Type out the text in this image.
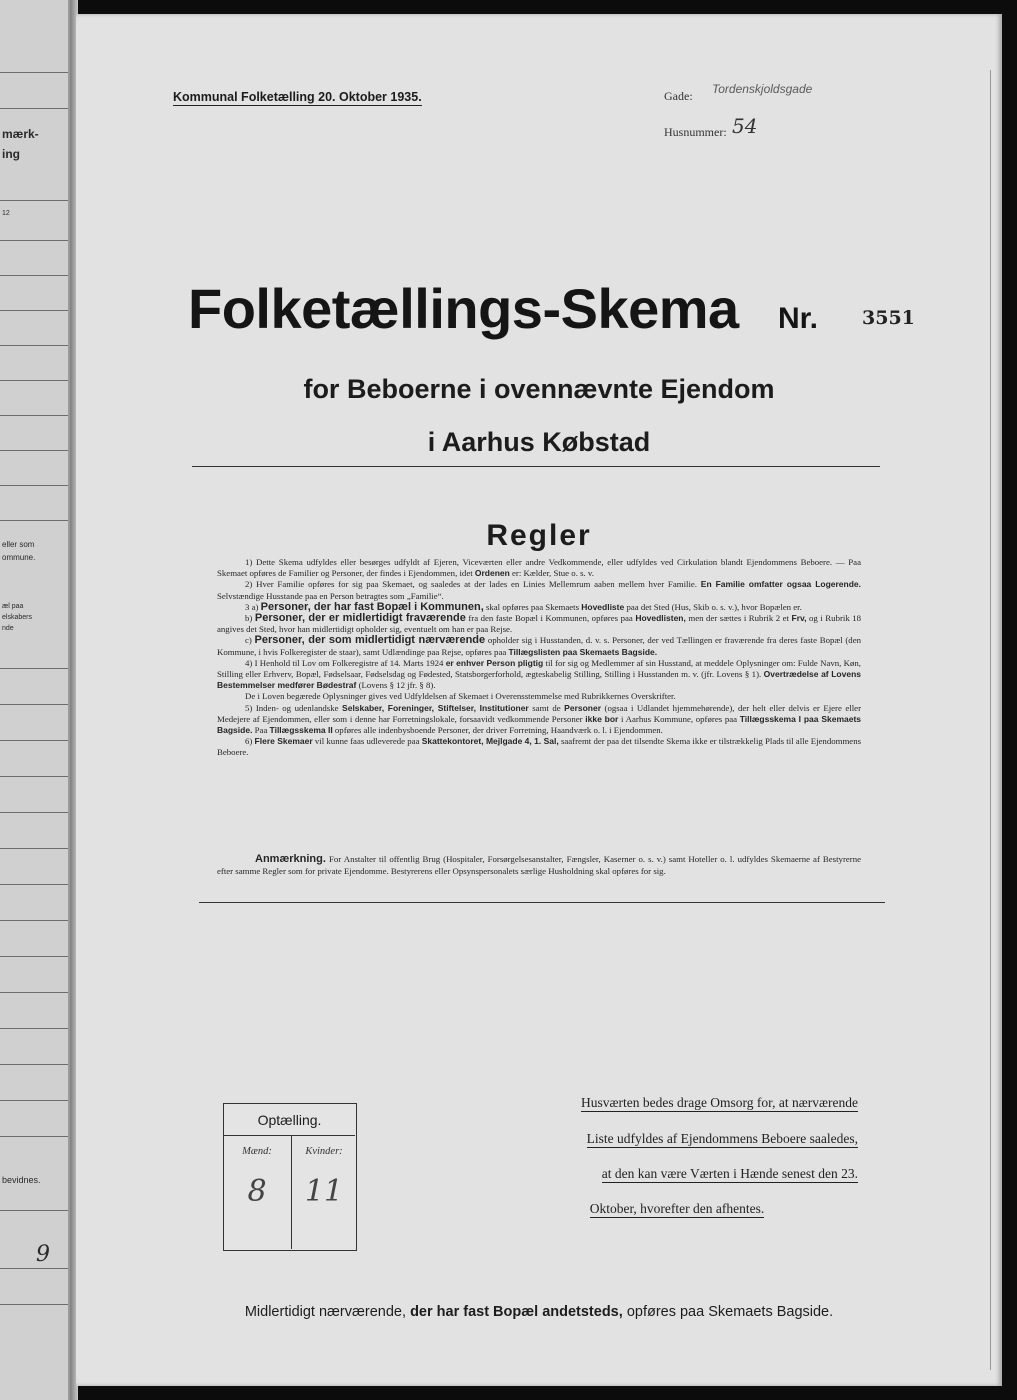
mærk-
ing
12
eller som
ommune.
æl paa
elskabers
nde
bevidnes.
9
Kommunal Folketælling 20. Oktober 1935.	Gade: Tordenskjoldsgade
Husnummer: 54
Folketællings-Skema Nr. 3551
for Beboerne i ovennævnte Ejendom
i Aarhus Købstad
Regler

1) Dette Skema udfyldes eller besørges udfyldt af Ejeren, Viceværten eller andre Vedkommende, eller udfyldes ved Cirkulation blandt Ejendommens Beboere. — Paa Skemaet opføres de Familier og Personer, der findes i Ejendommen, idet Ordenen er: Kælder, Stue o. s. v.

2) Hver Familie opføres for sig paa Skemaet, og saaledes at der lades en Linies Mellemrum aaben mellem hver Familie. En Familie omfatter ogsaa Logerende. Selvstændige Husstande paa en Person betragtes som „Familie“.

3 a) Personer, der har fast Bopæl i Kommunen, skal opføres paa Skemaets Hovedliste paa det Sted (Hus, Skib o. s. v.), hvor Bopælen er.

b) Personer, der er midlertidigt fraværende fra den faste Bopæl i Kommunen, opføres paa Hovedlisten, men der sættes i Rubrik 2 et Frv, og i Rubrik 18 angives det Sted, hvor han midlertidigt opholder sig, eventuelt om han er paa Rejse.

c) Personer, der som midlertidigt nærværende opholder sig i Husstanden, d. v. s. Personer, der ved Tællingen er fraværende fra deres faste Bopæl (den Kommune, i hvis Folkeregister de staar), samt Udlændinge paa Rejse, opføres paa Tillægslisten paa Skemaets Bagside.

4) I Henhold til Lov om Folkeregistre af 14. Marts 1924 er enhver Person pligtig til for sig og Medlemmer af sin Husstand, at meddele Oplysninger om: Fulde Navn, Køn, Stilling eller Erhverv, Bopæl, Fødselsaar, Fødselsdag og Fødested, Statsborgerforhold, ægteskabelig Stilling, Stilling i Husstanden m. v. (jfr. Lovens § 1). Overtrædelse af Lovens Bestemmelser medfører Bødestraf (Lovens § 12 jfr. § 8).

De i Loven begærede Oplysninger gives ved Udfyldelsen af Skemaet i Overensstemmelse med Rubrikkernes Overskrifter.

5) Inden- og udenlandske Selskaber, Foreninger, Stiftelser, Institutioner samt de Personer (ogsaa i Udlandet hjemmehørende), der helt eller delvis er Ejere eller Medejere af Ejendommen, eller som i denne har Forretningslokale, forsaavidt vedkommende Personer ikke bor i Aarhus Kommune, opføres paa Tillægsskema I paa Skemaets Bagside. Paa Tillægsskema II opføres alle indenbysboende Personer, der driver Forretning, Haandværk o. l. i Ejendommen.

6) Flere Skemaer vil kunne faas udleverede paa Skattekontoret, Mejlgade 4, 1. Sal, saafremt der paa det tilsendte Skema ikke er tilstrækkelig Plads til alle Ejendommens Beboere.

Anmærkning. For Anstalter til offentlig Brug (Hospitaler, Forsørgelsesanstalter, Fængsler, Kaserner o. s. v.) samt Hoteller o. l. udfyldes Skemaerne af Bestyrerne efter samme Regler som for private Ejendomme. Bestyrerens eller Opsynspersonalets særlige Husholdning skal opføres for sig.
Optælling.
Mænd:	Kvinder:
8	11
Husværten bedes drage Omsorg for, at nærværende
Liste udfyldes af Ejendommens Beboere saaledes,
at den kan være Værten i Hænde senest den 23.
Oktober, hvorefter den afhentes.
Midlertidigt nærværende, der har fast Bopæl andetsteds, opføres paa Skemaets Bagside.
